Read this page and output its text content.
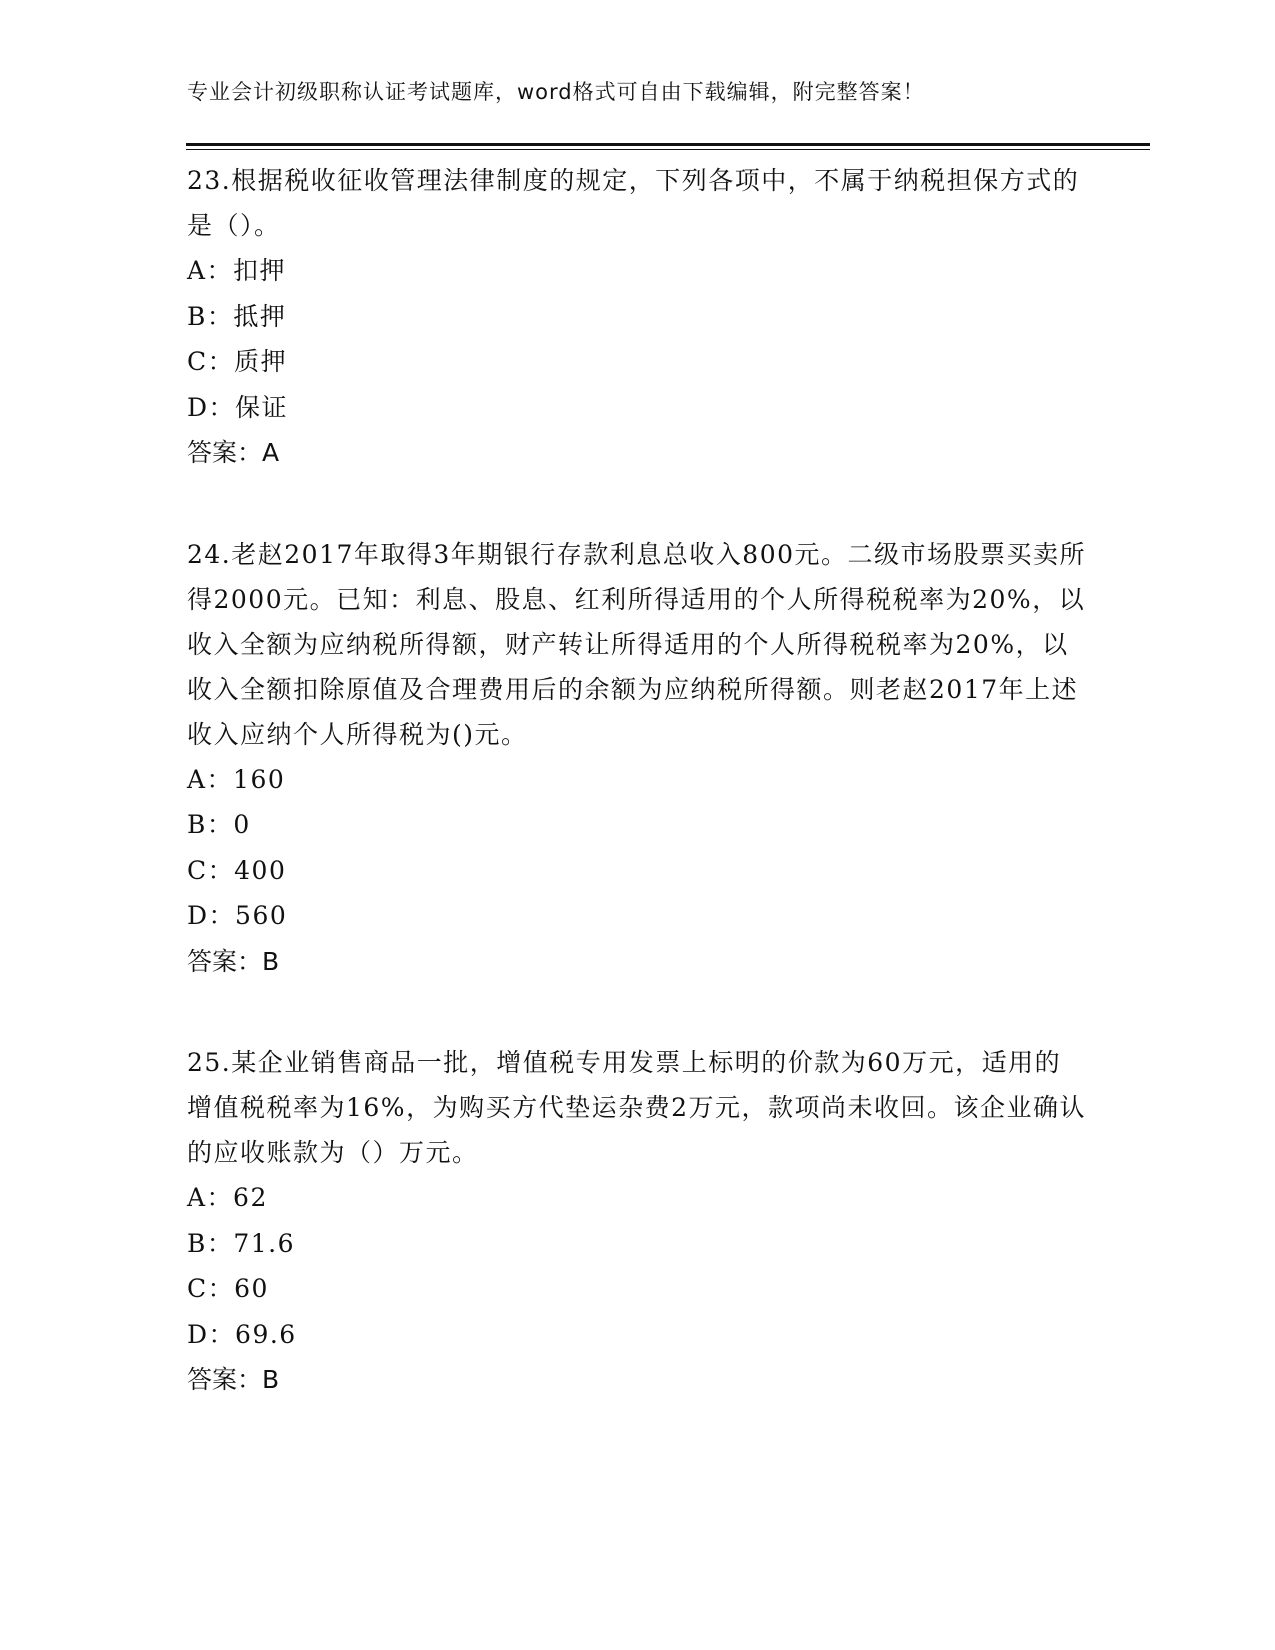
专业会计初级职称认证考试题库，word格式可自由下载编辑，附完整答案！

23.根据税收征收管理法律制度的规定，下列各项中，不属于纳税担保方式的是（）。

A：扣押

B：抵押

C：质押

D：保证

答案：A

24.老赵2017年取得3年期银行存款利息总收入800元。二级市场股票买卖所得2000元。已知：利息、股息、红利所得适用的个人所得税税率为20%，以收入全额为应纳税所得额，财产转让所得适用的个人所得税税率为20%，以收入全额扣除原值及合理费用后的余额为应纳税所得额。则老赵2017年上述收入应纳个人所得税为()元。

A：160

B：0

C：400

D：560

答案：B

25.某企业销售商品一批，增值税专用发票上标明的价款为60万元，适用的增值税税率为16%，为购买方代垫运杂费2万元，款项尚未收回。该企业确认的应收账款为（）万元。

A：62

B：71.6

C：60

D：69.6

答案：B
